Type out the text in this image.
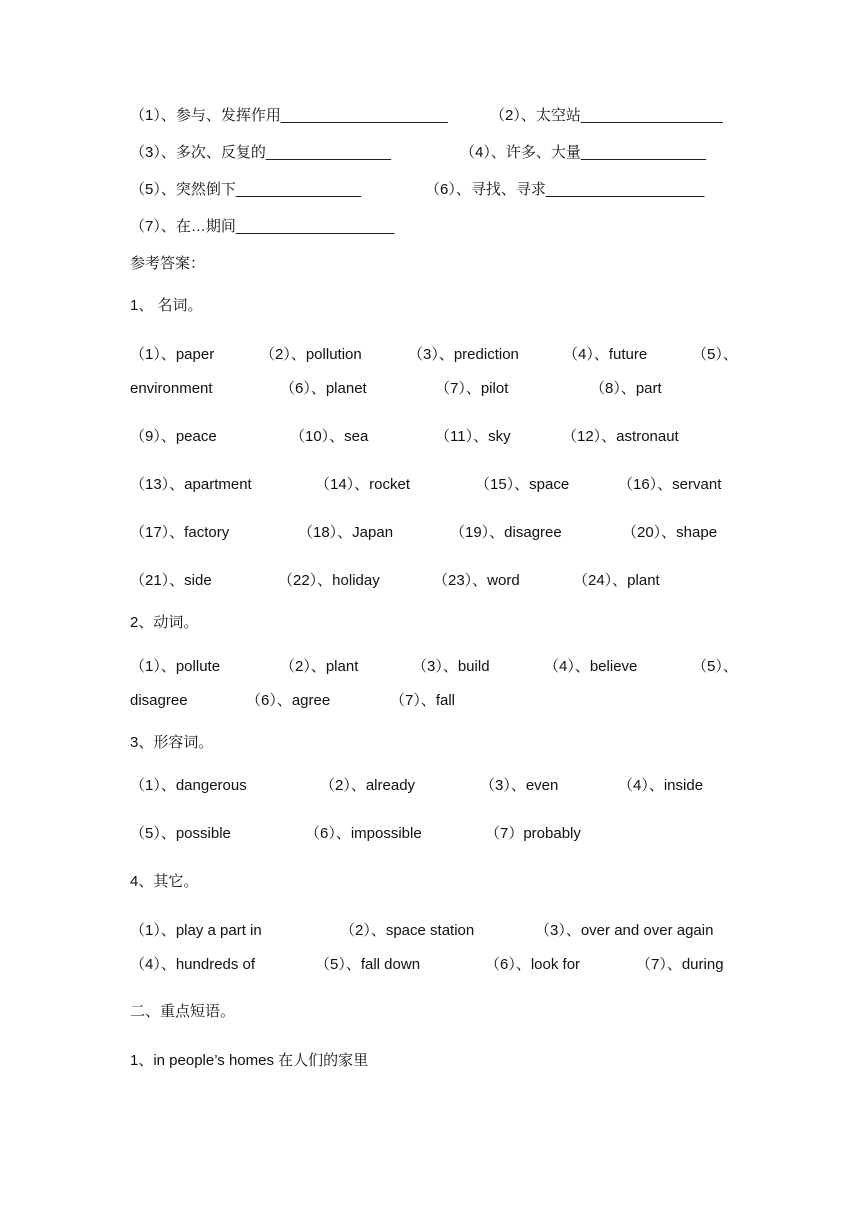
（1）、参与、发挥作用____________________	（2）、太空站_________________
（3）、多次、反复的_______________	（4）、许多、大量_______________
（5）、突然倒下_______________	（6）、寻找、寻求___________________
（7）、在…期间___________________
参考答案：
1、 名词。
（1）、paper	（2）、pollution	（3）、prediction	（4）、future	（5）、
environment	（6）、planet	（7）、pilot	（8）、part
（9）、peace	（10）、sea	（11）、sky	（12）、astronaut
（13）、apartment	（14）、rocket	（15）、space	（16）、servant
（17）、factory	（18）、Japan	（19）、disagree	（20）、shape
（21）、side	（22）、holiday	（23）、word	（24）、plant
2、动词。
（1）、pollute	（2）、plant	（3）、build	（4）、believe	（5）、
disagree	（6）、agree	（7）、fall
3、形容词。
（1）、dangerous	（2）、already	（3）、even	（4）、inside
（5）、possible	（6）、impossible	（7）probably
4、其它。
（1）、play a part in	（2）、space station	（3）、over and over again
（4）、hundreds of	（5）、fall down	（6）、look for	（7）、during
二、重点短语。
1、in people’s homes 在人们的家里
